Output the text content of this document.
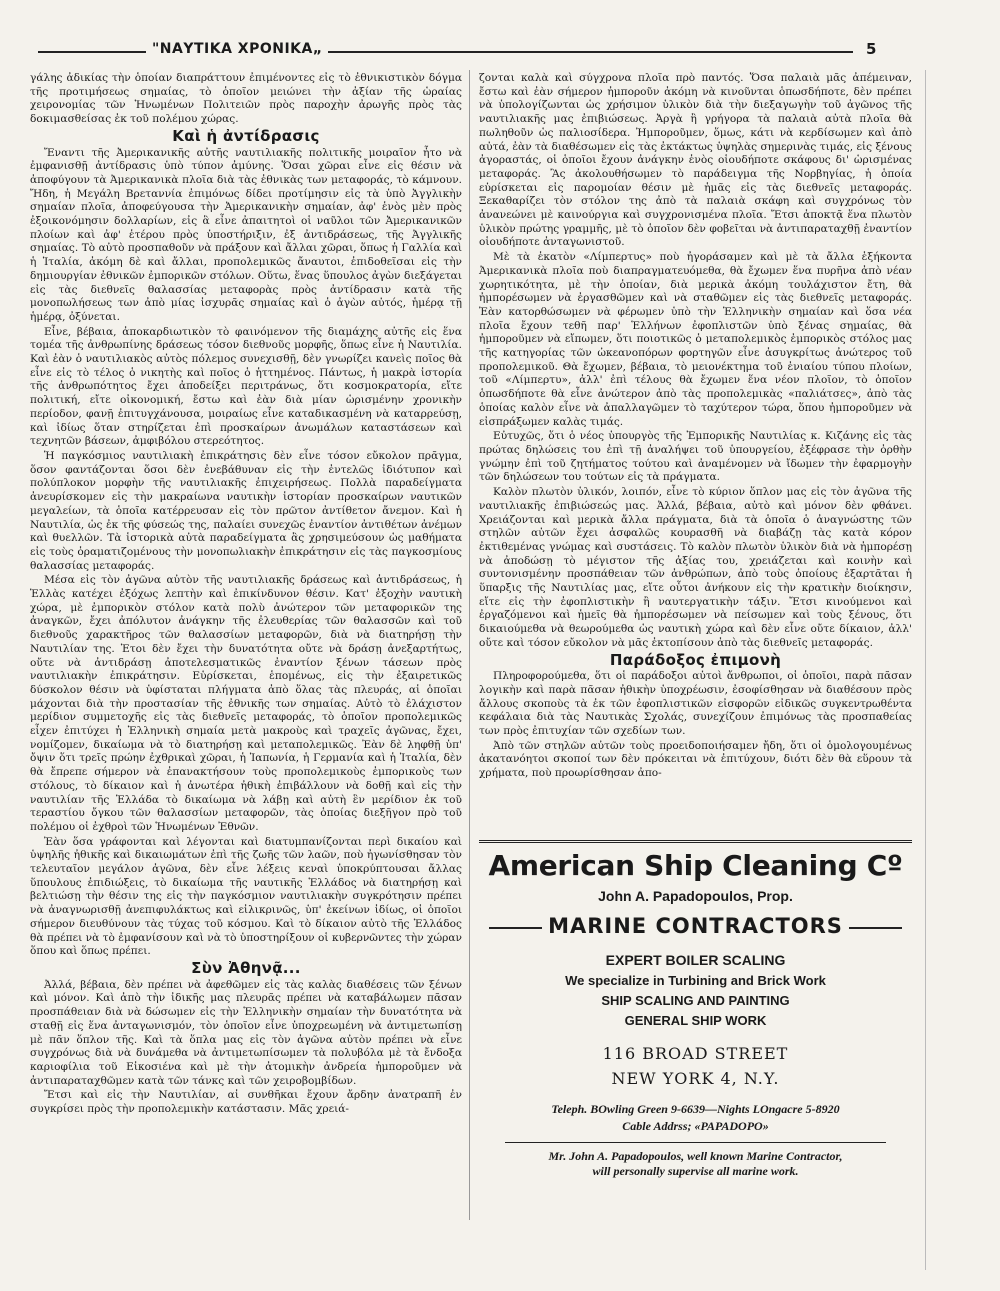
"ΝΑΥΤΙΚΑ ΧΡΟΝΙΚΑ„	5

γάλης ἀδικίας τὴν ὁποίαν διαπράττουν ἐπιμένοντες εἰς τὸ ἐθνικιστικὸν δόγμα τῆς προτιμήσεως σημαίας, τὸ ὁποῖον μειώνει τὴν ἀξίαν τῆς ὡραίας χειρονομίας τῶν Ἡνωμένων Πολιτειῶν πρὸς παροχὴν ἀρωγῆς πρὸς τὰς δοκιμασθείσας ἐκ τοῦ πολέμου χώρας.

Καὶ ἡ ἀντίδρασις

Ἔναντι τῆς Ἀμερικανικῆς αὐτῆς ναυτιλιακῆς πολιτικῆς μοιραῖον ἦτο νὰ ἐμφανισθῇ ἀντίδρασις ὑπὸ τύπον ἀμύνης. Ὅσαι χῶραι εἶνε εἰς θέσιν νὰ ἀποφύγουν τὰ Ἀμερικανικὰ πλοῖα διὰ τὰς ἐθνικὰς των μεταφοράς, τὸ κάμνουν. Ἤδη, ἡ Μεγάλη Βρεταννία ἐπιμόνως δίδει προτίμησιν εἰς τὰ ὑπὸ Ἀγγλικὴν σημαίαν πλοῖα, ἀποφεύγουσα τὴν Ἀμερικανικὴν σημαίαν, ἀφ' ἑνὸς μὲν πρὸς ἐξοικονόμησιν δολλαρίων, εἰς ἃ εἶνε ἀπαιτητοὶ οἱ ναῦλοι τῶν Ἀμερικανικῶν πλοίων καὶ ἀφ' ἑτέρου πρὸς ὑποστήριξιν, ἐξ ἀντιδράσεως, τῆς Ἀγγλικῆς σημαίας. Τὸ αὐτὸ προσπαθοῦν νὰ πράξουν καὶ ἄλλαι χῶραι, ὅπως ἡ Γαλλία καὶ ἡ Ἰταλία, ἀκόμη δὲ καὶ ἄλλαι, προπολεμικῶς ἄναυτοι, ἐπιδοθεῖσαι εἰς τὴν δημιουργίαν ἐθνικῶν ἐμπορικῶν στόλων. Οὕτω, ἕνας ὕπουλος ἀγὼν διεξάγεται εἰς τὰς διεθνεῖς θαλασσίας μεταφορὰς πρὸς ἀντίδρασιν κατὰ τῆς μονοπωλήσεως των ἀπὸ μίας ἰσχυρᾶς σημαίας καὶ ὁ ἀγὼν αὐτός, ἡμέρᾳ τῇ ἡμέρᾳ, ὀξύνεται.

Εἶνε, βέβαια, ἀποκαρδιωτικὸν τὸ φαινόμενον τῆς διαμάχης αὐτῆς εἰς ἕνα τομέα τῆς ἀνθρωπίνης δράσεως τόσον διεθνοῦς μορφῆς, ὅπως εἶνε ἡ Ναυτιλία. Καὶ ἐὰν ὁ ναυτιλιακὸς αὐτὸς πόλεμος συνεχισθῇ, δὲν γνωρίζει κανεὶς ποῖος θὰ εἶνε εἰς τὸ τέλος ὁ νικητὴς καὶ ποῖος ὁ ἡττημένος. Πάντως, ἡ μακρὰ ἱστορία τῆς ἀνθρωπότητος ἔχει ἀποδείξει περιτράνως, ὅτι κοσμοκρατορία, εἴτε πολιτική, εἴτε οἰκονομική, ἔστω καὶ ἐὰν διὰ μίαν ὡρισμένην χρονικὴν περίοδον, φανῇ ἐπιτυγχάνουσα, μοιραίως εἶνε καταδικασμένη νὰ καταρρεύσῃ, καὶ ἰδίως ὅταν στηρίζεται ἐπὶ προσκαίρων ἀνωμάλων καταστάσεων καὶ τεχνητῶν βάσεων, ἀμφιβόλου στερεότητος.

Ἡ παγκόσμιος ναυτιλιακὴ ἐπικράτησις δὲν εἶνε τόσον εὔκολον πρᾶγμα, ὅσον φαντάζονται ὅσοι δὲν ἐνεβάθυναν εἰς τὴν ἐντελῶς ἰδιότυπον καὶ πολύπλοκον μορφὴν τῆς ναυτιλιακῆς ἐπιχειρήσεως. Πολλὰ παραδείγματα ἀνευρίσκομεν εἰς τὴν μακραίωνα ναυτικὴν ἱστορίαν προσκαίρων ναυτικῶν μεγαλείων, τὰ ὁποῖα κατέρρευσαν εἰς τὸν πρῶτον ἀντίθετον ἄνεμον. Καὶ ἡ Ναυτιλία, ὡς ἐκ τῆς φύσεώς της, παλαίει συνεχῶς ἐναντίον ἀντιθέτων ἀνέμων καὶ θυελλῶν. Τὰ ἱστορικὰ αὐτὰ παραδείγματα ἂς χρησιμεύσουν ὡς μαθήματα εἰς τοὺς ὁραματιζομένους τὴν μονοπωλιακὴν ἐπικράτησιν εἰς τὰς παγκοσμίους θαλασσίας μεταφοράς.

Μέσα εἰς τὸν ἀγῶνα αὐτὸν τῆς ναυτιλιακῆς δράσεως καὶ ἀντιδράσεως, ἡ Ἑλλὰς κατέχει ἐξόχως λεπτὴν καὶ ἐπικίνδυνον θέσιν. Κατ' ἐξοχὴν ναυτικὴ χώρα, μὲ ἐμπορικὸν στόλον κατὰ πολὺ ἀνώτερον τῶν μεταφορικῶν της ἀναγκῶν, ἔχει ἀπόλυτον ἀνάγκην τῆς ἐλευθερίας τῶν θαλασσῶν καὶ τοῦ διεθνοῦς χαρακτῆρος τῶν θαλασσίων μεταφορῶν, διὰ νὰ διατηρήσῃ τὴν Ναυτιλίαν της. Ἐτοι δὲν ἔχει τὴν δυνατότητα οὔτε νὰ δράσῃ ἀνεξαρτήτως, οὔτε νὰ ἀντιδράσῃ ἀποτελεσματικῶς ἐναντίον ξένων τάσεων πρὸς ναυτιλιακὴν ἐπικράτησιν. Εὑρίσκεται, ἑπομένως, εἰς τὴν ἐξαιρετικῶς δύσκολον θέσιν νὰ ὑφίσταται πλήγματα ἀπὸ ὅλας τὰς πλευράς, αἱ ὁποῖαι μάχονται διὰ τὴν προστασίαν τῆς ἐθνικῆς των σημαίας. Αὐτὸ τὸ ἐλάχιστον μερίδιον συμμετοχῆς εἰς τὰς διεθνεῖς μεταφοράς, τὸ ὁποῖον προπολεμικῶς εἶχεν ἐπιτύχει ἡ Ἑλληνικὴ σημαία μετὰ μακροὺς καὶ τραχεῖς ἀγῶνας, ἔχει, νομίζομεν, δικαίωμα νὰ τὸ διατηρήσῃ καὶ μεταπολεμικῶς. Ἐὰν δὲ ληφθῇ ὑπ' ὄψιν ὅτι τρεῖς πρώην ἐχθρικαὶ χῶραι, ἡ Ἰαπωνία, ἡ Γερμανία καὶ ἡ Ἰταλία, δὲν θὰ ἔπρεπε σήμερον νὰ ἐπανακτήσουν τοὺς προπολεμικοὺς ἐμπορικοὺς των στόλους, τὸ δίκαιον καὶ ἡ ἀνωτέρα ἠθικὴ ἐπιβάλλουν νὰ δοθῇ καὶ εἰς τὴν ναυτιλίαν τῆς Ἑλλάδα τὸ δικαίωμα νὰ λάβῃ καὶ αὐτὴ ἓν μερίδιον ἐκ τοῦ τεραστίου ὄγκου τῶν θαλασσίων μεταφορῶν, τὰς ὁποίας διεξῆγον πρὸ τοῦ πολέμου οἱ ἐχθροὶ τῶν Ἡνωμένων Ἐθνῶν.

Ἐὰν ὅσα γράφονται καὶ λέγονται καὶ διατυμπανίζονται περὶ δικαίου καὶ ὑψηλῆς ἠθικῆς καὶ δικαιωμάτων ἐπὶ τῆς ζωῆς τῶν λαῶν, ποὺ ἠγωνίσθησαν τὸν τελευταῖον μεγάλον ἀγῶνα, δὲν εἶνε λέξεις κεναὶ ὑποκρύπτουσαι ἄλλας ὕπουλους ἐπιδιώξεις, τὸ δικαίωμα τῆς ναυτικῆς Ἑλλάδος νὰ διατηρήσῃ καὶ βελτιώσῃ τὴν θέσιν της εἰς τὴν παγκόσμιον ναυτιλιακὴν συγκρότησιν πρέπει νὰ ἀναγνωρισθῇ ἀνεπιφυλάκτως καὶ εἰλικρινῶς, ὑπ' ἐκείνων ἰδίως, οἱ ὁποῖοι σήμερον διευθύνουν τὰς τύχας τοῦ κόσμου. Καὶ τὸ δίκαιον αὐτὸ τῆς Ἑλλάδος θὰ πρέπει νὰ τὸ ἐμφανίσουν καὶ νὰ τὸ ὑποστηρίξουν οἱ κυβερνῶντες τὴν χώραν ὅπου καὶ ὅπως πρέπει.

Σὺν Ἀθηνᾷ...

Ἀλλά, βέβαια, δὲν πρέπει νὰ ἀφεθῶμεν εἰς τὰς καλὰς διαθέσεις τῶν ξένων καὶ μόνον. Καὶ ἀπὸ τὴν ἰδικῆς μας πλευρᾶς πρέπει νὰ καταβάλωμεν πᾶσαν προσπάθειαν διὰ νὰ δώσωμεν εἰς τὴν Ἑλληνικὴν σημαίαν τὴν δυνατότητα νὰ σταθῇ εἰς ἕνα ἀνταγωνισμόν, τὸν ὁποῖον εἶνε ὑποχρεωμένη νὰ ἀντιμετωπίσῃ μὲ πᾶν ὅπλον τῆς. Καὶ τὰ ὅπλα μας εἰς τὸν ἀγῶνα αὐτὸν πρέπει νὰ εἶνε συγχρόνως διὰ νὰ δυνάμεθα νὰ ἀντιμετωπίσωμεν τὰ πολυβόλα μὲ τὰ ἔνδοξα καριοφίλια τοῦ Εἰκοσιένα καὶ μὲ τὴν ἀτομικὴν ἀνδρεία ἠμποροῦμεν νὰ ἀντιπαραταχθῶμεν κατὰ τῶν τάνκς καὶ τῶν χειροβομβίδων.

Ἔτσι καὶ εἰς τὴν Ναυτιλίαν, αἱ συνθῆκαι ἔχουν ἄρδην ἀνατραπῆ ἐν συγκρίσει πρὸς τὴν προπολεμικὴν κατάστασιν. Μᾶς χρειά-

ζονται καλὰ καὶ σύγχρονα πλοῖα πρὸ παντός. Ὅσα παλαιὰ μᾶς ἀπέμειναν, ἔστω καὶ ἐὰν σήμερον ἠμποροῦν ἀκόμη νὰ κινοῦνται ὁπωσδήποτε, δὲν πρέπει νὰ ὑπολογίζωνται ὡς χρήσιμον ὑλικὸν διὰ τὴν διεξαγωγὴν τοῦ ἀγῶνος τῆς ναυτιλιακῆς μας ἐπιβιώσεως. Ἀργὰ ἢ γρήγορα τὰ παλαιὰ αὐτὰ πλοῖα θὰ πωληθοῦν ὡς παλιοσίδερα. Ἠμποροῦμεν, ὅμως, κάτι νὰ κερδίσωμεν καὶ ἀπὸ αὐτά, ἐὰν τὰ διαθέσωμεν εἰς τὰς ἐκτάκτως ὑψηλὰς σημερινὰς τιμάς, εἰς ξένους ἀγοραστάς, οἱ ὁποῖοι ἔχουν ἀνάγκην ἑνὸς οἱουδήποτε σκάφους δι' ὡρισμένας μεταφοράς. Ἂς ἀκολουθήσωμεν τὸ παράδειγμα τῆς Νορβηγίας, ἡ ὁποία εὑρίσκεται εἰς παρομοίαν θέσιν μὲ ἡμᾶς εἰς τὰς διεθνεῖς μεταφοράς. Ξεκαθαρίζει τὸν στόλον της ἀπὸ τὰ παλαιὰ σκάφη καὶ συγχρόνως τὸν ἀνανεώνει μὲ καινούργια καὶ συγχρονισμένα πλοῖα. Ἔτσι ἀποκτᾷ ἕνα πλωτὸν ὑλικὸν πρώτης γραμμῆς, μὲ τὸ ὁποῖον δὲν φοβεῖται νὰ ἀντιπαραταχθῇ ἐναντίον οἱουδήποτε ἀνταγωνιστοῦ.

Μὲ τὰ ἑκατὸν «Λίμπερτυς» ποὺ ἠγοράσαμεν καὶ μὲ τὰ ἄλλα ἑξήκοντα Ἀμερικανικὰ πλοῖα ποὺ διαπραγματευόμεθα, θὰ ἔχωμεν ἕνα πυρῆνα ἀπὸ νέαν χωρητικότητα, μὲ τὴν ὁποίαν, διὰ μερικὰ ἀκόμη τουλάχιστον ἔτη, θὰ ἠμπορέσωμεν νὰ ἐργασθῶμεν καὶ νὰ σταθῶμεν εἰς τὰς διεθνεῖς μεταφοράς. Ἐὰν κατορθώσωμεν νὰ φέρωμεν ὑπὸ τὴν Ἑλληνικὴν σημαίαν καὶ ὅσα νέα πλοῖα ἔχουν τεθῆ παρ' Ἑλλήνων ἐφοπλιστῶν ὑπὸ ξένας σημαίας, θὰ ἠμποροῦμεν νὰ εἴπωμεν, ὅτι ποιοτικῶς ὁ μεταπολεμικὸς ἐμπορικὸς στόλος μας τῆς κατηγορίας τῶν ὠκεανοπόρων φορτηγῶν εἶνε ἀσυγκρίτως ἀνώτερος τοῦ προπολεμικοῦ. Θὰ ἔχωμεν, βέβαια, τὸ μειονέκτημα τοῦ ἐνιαίου τύπου πλοίων, τοῦ «Λίμπερτυ», ἀλλ' ἐπὶ τέλους θὰ ἔχωμεν ἕνα νέον πλοῖον, τὸ ὁποῖον ὁπωσδήποτε θὰ εἶνε ἀνώτερον ἀπὸ τὰς προπολεμικὰς «παλιάτσες», ἀπὸ τὰς ὁποίας καλὸν εἶνε νὰ ἀπαλλαγῶμεν τὸ ταχύτερον τώρα, ὅπου ἠμποροῦμεν νὰ εἰσπράξωμεν καλὰς τιμάς.

Εὐτυχῶς, ὅτι ὁ νέος ὑπουργὸς τῆς Ἐμπορικῆς Ναυτιλίας κ. Κιζάνης εἰς τὰς πρώτας δηλώσεις του ἐπὶ τῇ ἀναλήψει τοῦ ὑπουργείου, ἐξέφρασε τὴν ὀρθὴν γνώμην ἐπὶ τοῦ ζητήματος τούτου καὶ ἀναμένομεν νὰ ἴδωμεν τὴν ἐφαρμογὴν τῶν δηλώσεων του τούτων εἰς τὰ πράγματα.

Καλὸν πλωτὸν ὑλικόν, λοιπόν, εἶνε τὸ κύριον ὅπλον μας εἰς τὸν ἀγῶνα τῆς ναυτιλιακῆς ἐπιβιώσεώς μας. Ἀλλά, βέβαια, αὐτὸ καὶ μόνον δὲν φθάνει. Χρειάζονται καὶ μερικὰ ἄλλα πράγματα, διὰ τὰ ὁποῖα ὁ ἀναγνώστης τῶν στηλῶν αὐτῶν ἔχει ἀσφαλῶς κουρασθῆ νὰ διαβάζῃ τὰς κατὰ κόρον ἐκτιθεμένας γνώμας καὶ συστάσεις. Τὸ καλὸν πλωτὸν ὑλικὸν διὰ νὰ ἠμπορέσῃ νὰ ἀποδώσῃ τὸ μέγιστον τῆς ἀξίας του, χρειάζεται καὶ κοινὴν καὶ συντονισμένην προσπάθειαν τῶν ἀνθρώπων, ἀπὸ τοὺς ὁποίους ἐξαρτᾶται ἡ ὕπαρξις τῆς Ναυτιλίας μας, εἴτε οὗτοι ἀνήκουν εἰς τὴν κρατικὴν διοίκησιν, εἴτε εἰς τὴν ἐφοπλιστικὴν ἢ ναυτεργατικὴν τάξιν. Ἔτσι κινούμενοι καὶ ἐργαζόμενοι καὶ ἡμεῖς θὰ ἠμπορέσωμεν νὰ πείσωμεν καὶ τοὺς ξένους, ὅτι δικαιούμεθα νὰ θεωρούμεθα ὡς ναυτικὴ χώρα καὶ δὲν εἶνε οὔτε δίκαιον, ἀλλ' οὔτε καὶ τόσον εὔκολον νὰ μᾶς ἐκτοπίσουν ἀπὸ τὰς διεθνεῖς μεταφοράς.

Παράδοξος ἐπιμονὴ

Πληροφορούμεθα, ὅτι οἱ παράδοξοι αὐτοὶ ἄνθρωποι, οἱ ὁποῖοι, παρὰ πᾶσαν λογικὴν καὶ παρὰ πᾶσαν ἠθικὴν ὑποχρέωσιν, ἐσοφίσθησαν νὰ διαθέσουν πρὸς ἄλλους σκοποὺς τὰ ἐκ τῶν ἐφοπλιστικῶν εἰσφορῶν εἰδικῶς συγκεντρωθέντα κεφάλαια διὰ τὰς Ναυτικὰς Σχολάς, συνεχίζουν ἐπιμόνως τὰς προσπαθείας των πρὸς ἐπιτυχίαν τῶν σχεδίων των.

Ἀπὸ τῶν στηλῶν αὐτῶν τοὺς προειδοποιήσαμεν ἤδη, ὅτι οἱ ὁμολογουμένως ἀκατανόητοι σκοποί των δὲν πρόκειται νὰ ἐπιτύχουν, διότι δὲν θὰ εὕρουν τὰ χρήματα, ποὺ προωρίσθησαν ἀπο-

American Ship Cleaning Cº
John A. Papadopoulos, Prop.
MARINE CONTRACTORS
EXPERT BOILER SCALING
We specialize in Turbining and Brick Work
SHIP SCALING AND PAINTING
GENERAL SHIP WORK
116 BROAD STREET
NEW YORK 4, N.Y.
Teleph. BOwling Green 9-6639—Nights LOngacre 5-8920
Cable Addrss; «PAPADOPO»
Mr. John A. Papadopoulos, well known Marine Contractor,
will personally supervise all marine work.
